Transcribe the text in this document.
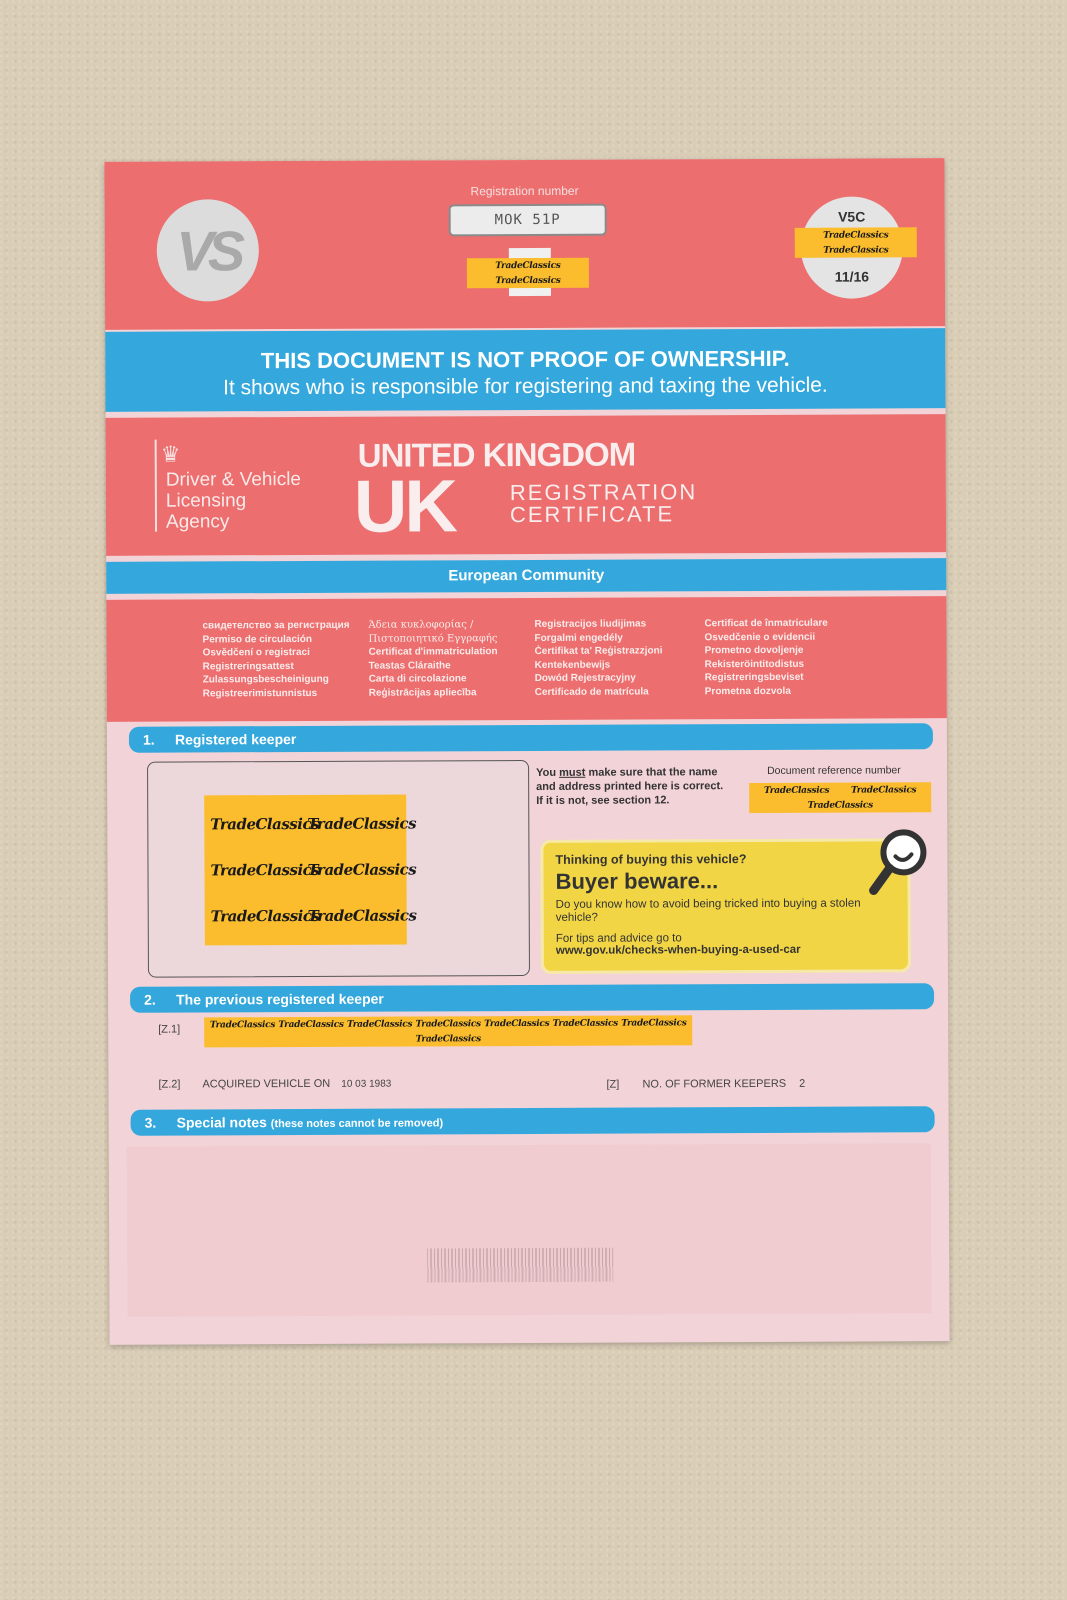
VS
Registration number
MOK 51P
TradeClassics
TradeClassics
V5C
11/16
TradeClassics
TradeClassics
THIS DOCUMENT IS NOT PROOF OF OWNERSHIP.
It shows who is responsible for registering and taxing the vehicle.
♛
Driver & Vehicle
Licensing
Agency
UNITED KINGDOM
UK REGISTRATION
CERTIFICATE
European Community
свидетелство за регистрация
Permiso de circulación
Osvědčení o registraci
Registreringsattest
Zulassungsbescheinigung
Registreerimistunnistus
Άδεια κυκλοφορίας / Πιστοποιητικό Εγγραφής
Certificat d'immatriculation
Teastas Cláraithe
Carta di circolazione
Reģistrācijas apliecība
Registracijos liudijimas
Forgalmi engedély
Ċertifikat ta' Reġistrazzjoni
Kentekenbewijs
Dowód Rejestracyjny
Certificado de matrícula
Certificat de înmatriculare
Osvedčenie o evidencii
Prometno dovoljenje
Rekisteröintitodistus
Registreringsbeviset
Prometna dozvola
1. Registered keeper
TradeClassics
TradeClassics
TradeClassics
TradeClassics
TradeClassics
TradeClassics
You must make sure that the name
and address printed here is correct.
If it is not, see section 12.
Document reference number
TradeClassics TradeClassics
TradeClassics
Thinking of buying this vehicle?
Buyer beware...
Do you know how to avoid being tricked into buying a stolen vehicle?
For tips and advice go to
www.gov.uk/checks-when-buying-a-used-car
2. The previous registered keeper
[Z.1]	TradeClassics TradeClassics TradeClassics TradeClassics TradeClassics TradeClassics TradeClassics
TradeClassics
[Z.2] ACQUIRED VEHICLE ON 10 03 1983	[Z] NO. OF FORMER KEEPERS 2
3. Special notes (these notes cannot be removed)
